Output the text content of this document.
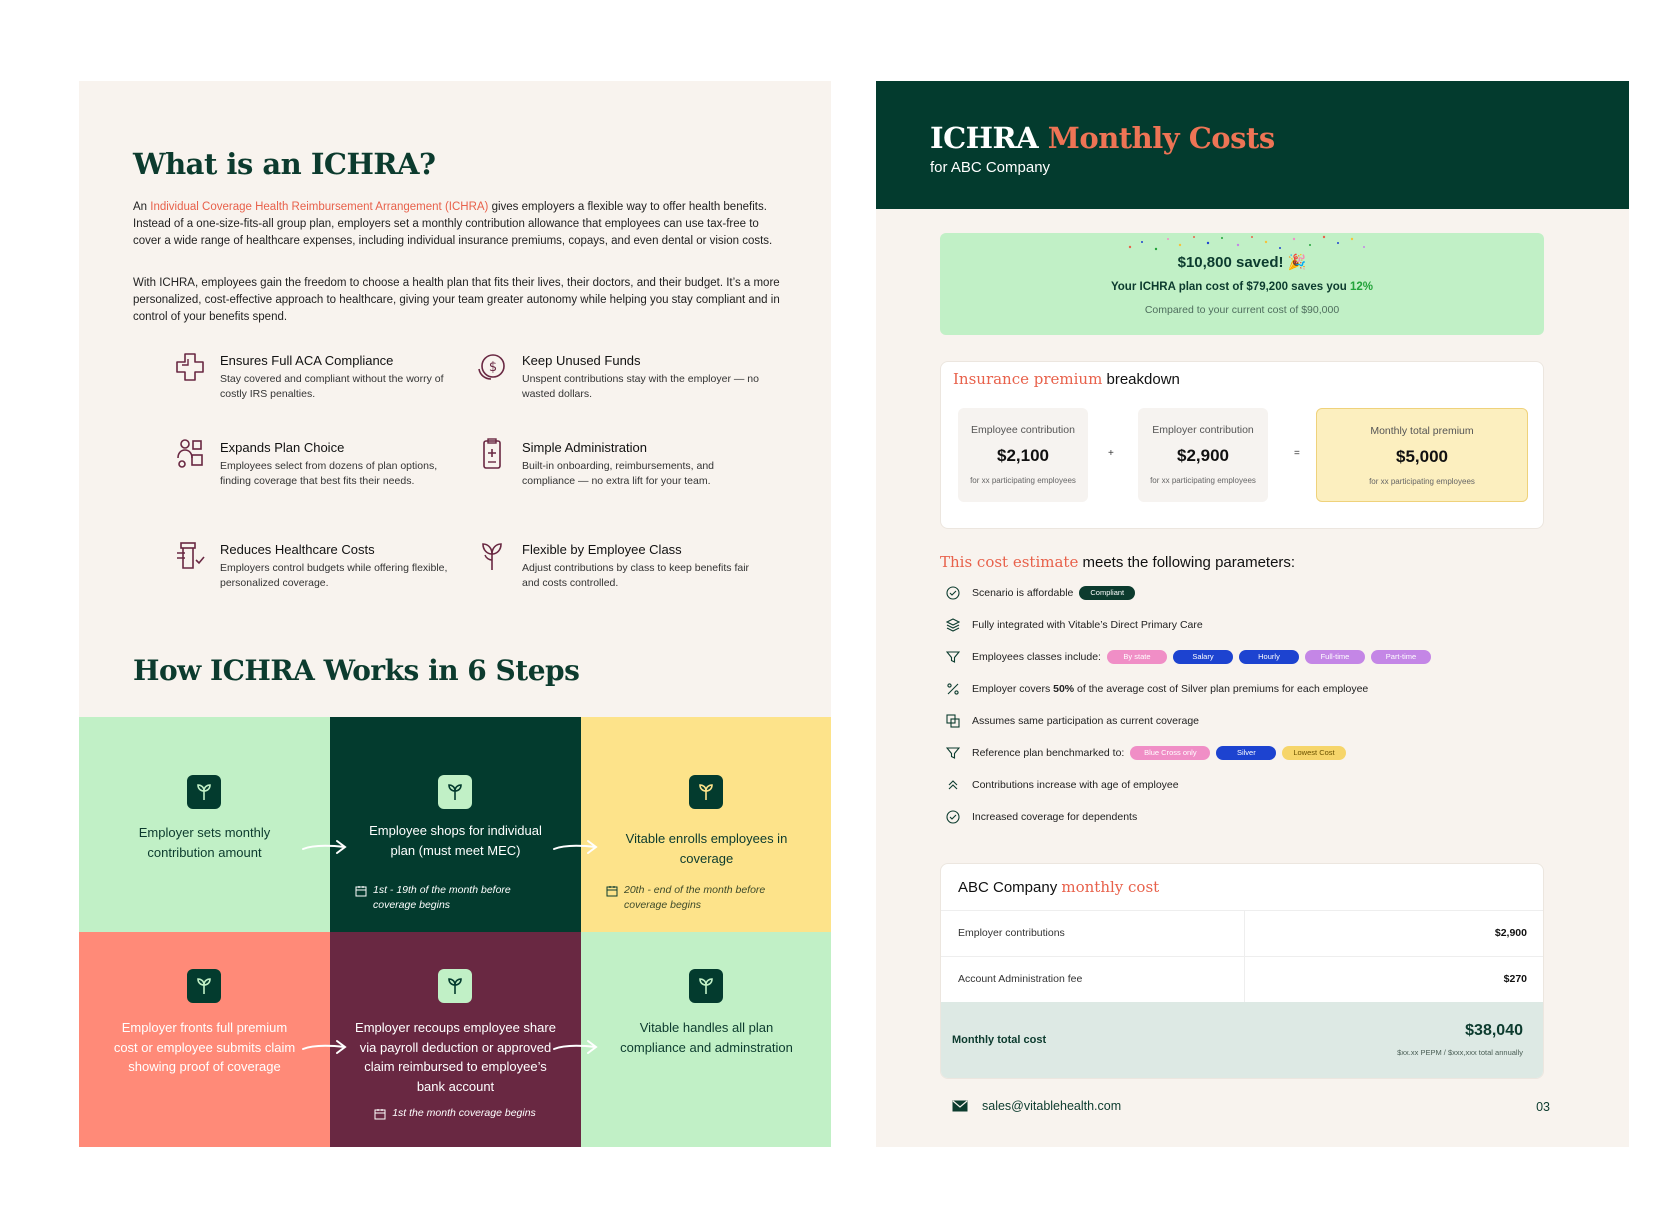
What is an ICHRA?

An Individual Coverage Health Reimbursement Arrangement (ICHRA) gives employers a flexible way to offer health benefits. Instead of a one-size-fits-all group plan, employers set a monthly contribution allowance that employees can use tax-free to cover a wide range of healthcare expenses, including individual insurance premiums, copays, and even dental or vision costs.

With ICHRA, employees gain the freedom to choose a health plan that fits their lives, their doctors, and their budget. It’s a more personalized, cost-effective approach to healthcare, giving your team greater autonomy while helping you stay compliant and in control of your benefits spend.

Ensures Full ACA Compliance
Stay covered and compliant without the worry of costly IRS penalties.
$ Keep Unused Funds
Unspent contributions stay with the employer — no wasted dollars.
Expands Plan Choice
Employees select from dozens of plan options, finding coverage that best fits their needs.
Simple Administration
Built-in onboarding, reimbursements, and compliance — no extra lift for your team.
Reduces Healthcare Costs
Employers control budgets while offering flexible, personalized coverage.
Flexible by Employee Class
Adjust contributions by class to keep benefits fair and costs controlled.
How ICHRA Works in 6 Steps
Employer sets monthly contribution amount
Employee shops for individual plan (must meet MEC)
1st - 19th of the month before coverage begins
Vitable enrolls employees in coverage
20th - end of the month before coverage begins
Employer fronts full premium cost or employee submits claim showing proof of coverage
Employer recoups employee share via payroll deduction or approved claim reimbursed to employee’s bank account
1st the month coverage begins
Vitable handles all plan compliance and adminstration
ICHRA Monthly Costs
for ABC Company
$10,800 saved! 🎉
Your ICHRA plan cost of $79,200 saves you 12%
Compared to your current cost of $90,000
Insurance premium breakdown
Employee contribution
$2,100
for xx participating employees
+
Employer contribution
$2,900
for xx participating employees
=
Monthly total premium
$5,000
for xx participating employees
This cost estimate meets the following parameters:
Scenario is affordable	Compliant
Fully integrated with Vitable’s Direct Primary Care
Employees classes include:	By state	Salary	Hourly	Full-time	Part-time
Employer covers 50% of the average cost of Silver plan premiums for each employee
Assumes same participation as current coverage
Reference plan benchmarked to:	Blue Cross only	Silver	Lowest Cost
Contributions increase with age of employee
Increased coverage for dependents
ABC Company monthly cost
Employer contributions	$2,900
Account Administration fee	$270
Monthly total cost
$38,040
$xx.xx PEPM / $xxx,xxx total annually
sales@vitablehealth.com	03
